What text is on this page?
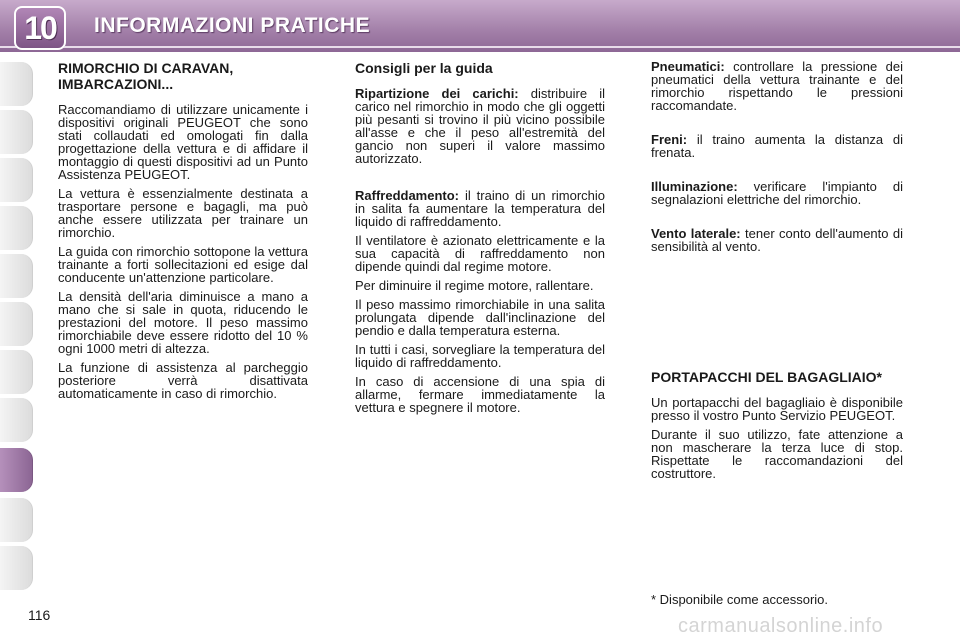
10	INFORMAZIONI PRATICHE
RIMORCHIO DI CARAVAN, IMBARCAZIONI...

Raccomandiamo di utilizzare unicamente i dispositivi originali PEUGEOT che sono stati collaudati ed omologati fin dalla progettazione della vettura e di affidare il montaggio di questi dispositivi ad un Punto Assistenza PEUGEOT.

La vettura è essenzialmente destinata a trasportare persone e bagagli, ma può anche essere utilizzata per trainare un rimorchio.

La guida con rimorchio sottopone la vettura trainante a forti sollecitazioni ed esige dal conducente un'attenzione particolare.

La densità dell'aria diminuisce a mano a mano che si sale in quota, riducendo le prestazioni del motore. Il peso massimo rimorchiabile deve essere ridotto del 10 % ogni 1000 metri di altezza.

La funzione di assistenza al parcheggio posteriore verrà disattivata automaticamente in caso di rimorchio.

Consigli per la guida

Ripartizione dei carichi: distribuire il carico nel rimorchio in modo che gli oggetti più pesanti si trovino il più vicino possibile all'asse e che il peso all'estremità del gancio non superi il valore massimo autorizzato.

Raffreddamento: il traino di un rimorchio in salita fa aumentare la temperatura del liquido di raffreddamento.

Il ventilatore è azionato elettricamente e la sua capacità di raffreddamento non dipende quindi dal regime motore.

Per diminuire il regime motore, rallentare.

Il peso massimo rimorchiabile in una salita prolungata dipende dall'inclinazione del pendio e dalla temperatura esterna.

In tutti i casi, sorvegliare la temperatura del liquido di raffreddamento.

In caso di accensione di una spia di allarme, fermare immediatamente la vettura e spegnere il motore.

Pneumatici: controllare la pressione dei pneumatici della vettura trainante e del rimorchio rispettando le pressioni raccomandate.

Freni: il traino aumenta la distanza di frenata.

Illuminazione: verificare l'impianto di segnalazioni elettriche del rimorchio.

Vento laterale: tener conto dell'aumento di sensibilità al vento.

PORTAPACCHI DEL BAGAGLIAIO*

Un portapacchi del bagagliaio è disponibile presso il vostro Punto Servizio PEUGEOT.

Durante il suo utilizzo, fate attenzione a non mascherare la terza luce di stop. Rispettate le raccomandazioni del costruttore.

* Disponibile come accessorio.
116	carmanualsonline.info
